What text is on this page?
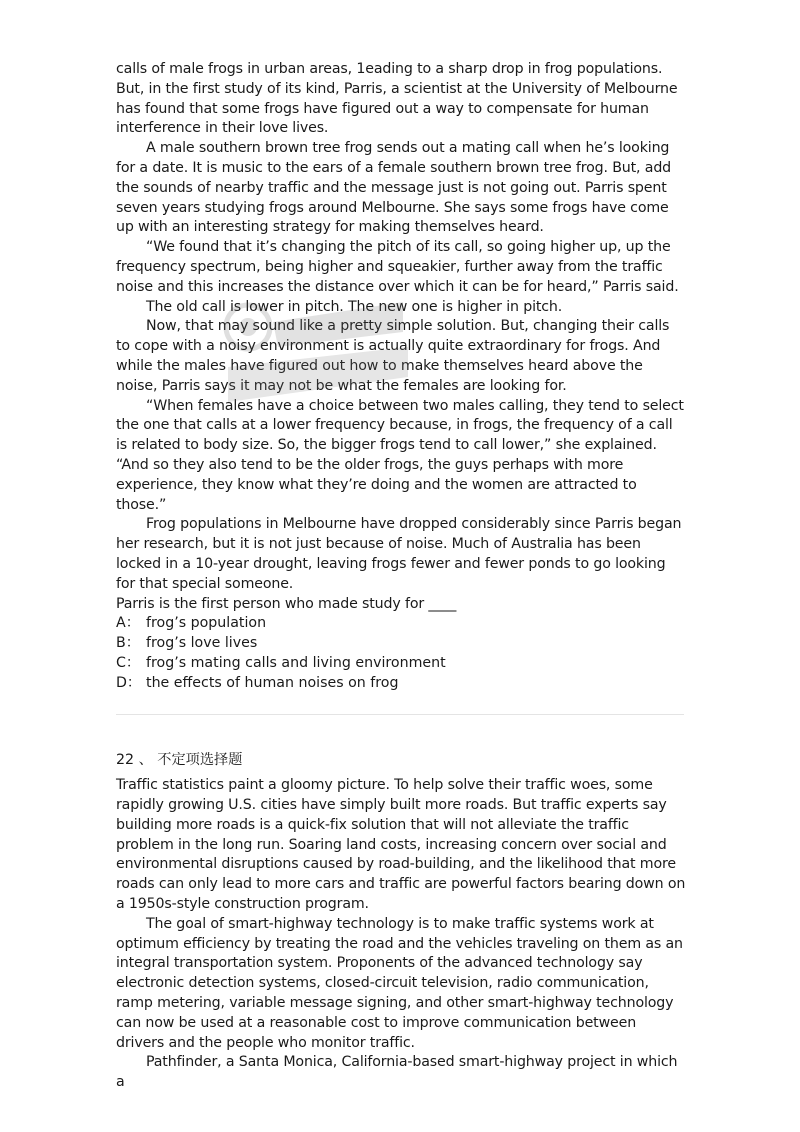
calls of male frogs in urban areas, 1eading to a sharp drop in frog populations. But, in the first study of its kind, Parris, a scientist at the University of Melbourne has found that some frogs have figured out a way to compensate for human interference in their love lives.

A male southern brown tree frog sends out a mating call when he’s looking for a date. It is music to the ears of a female southern brown tree frog. But, add the sounds of nearby traffic and the message just is not going out. Parris spent seven years studying frogs around Melbourne. She says some frogs have come up with an interesting strategy for making themselves heard.

“We found that it’s changing the pitch of its call, so going higher up, up the frequency spectrum, being higher and squeakier, further away from the traffic noise and this increases the distance over which it can be for heard,” Parris said.

The old call is lower in pitch. The new one is higher in pitch.

Now, that may sound like a pretty simple solution. But, changing their calls to cope with a noisy environment is actually quite extraordinary for frogs. And while the males have figured out how to make themselves heard above the noise, Parris says it may not be what the females are looking for.

“When females have a choice between two males calling, they tend to select the one that calls at a lower frequency because, in frogs, the frequency of a call is related to body size. So, the bigger frogs tend to call lower,” she explained. “And so they also tend to be the older frogs, the guys perhaps with more experience, they know what they’re doing and the women are attracted to those.”

Frog populations in Melbourne have dropped considerably since Parris began her research, but it is not just because of noise. Much of Australia has been locked in a 10-year drought, leaving frogs fewer and fewer ponds to go looking for that special someone.

Parris is the first person who made study for ____

A： frog’s population
B： frog’s love lives
C： frog’s mating calls and living environment
D： the effects of human noises on frog
22 、 不定项选择题

Traffic statistics paint a gloomy picture. To help solve their traffic woes, some rapidly growing U.S. cities have simply built more roads. But traffic experts say building more roads is a quick-fix solution that will not alleviate the traffic problem in the long run. Soaring land costs, increasing concern over social and environmental disruptions caused by road-building, and the likelihood that more roads can only lead to more cars and traffic are powerful factors bearing down on a 1950s-style construction program.

The goal of smart-highway technology is to make traffic systems work at optimum efficiency by treating the road and the vehicles traveling on them as an integral transportation system. Proponents of the advanced technology say electronic detection systems, closed-circuit television, radio communication, ramp metering, variable message signing, and other smart-highway technology can now be used at a reasonable cost to improve communication between drivers and the people who monitor traffic.

Pathfinder, a Santa Monica, California-based smart-highway project in which a
